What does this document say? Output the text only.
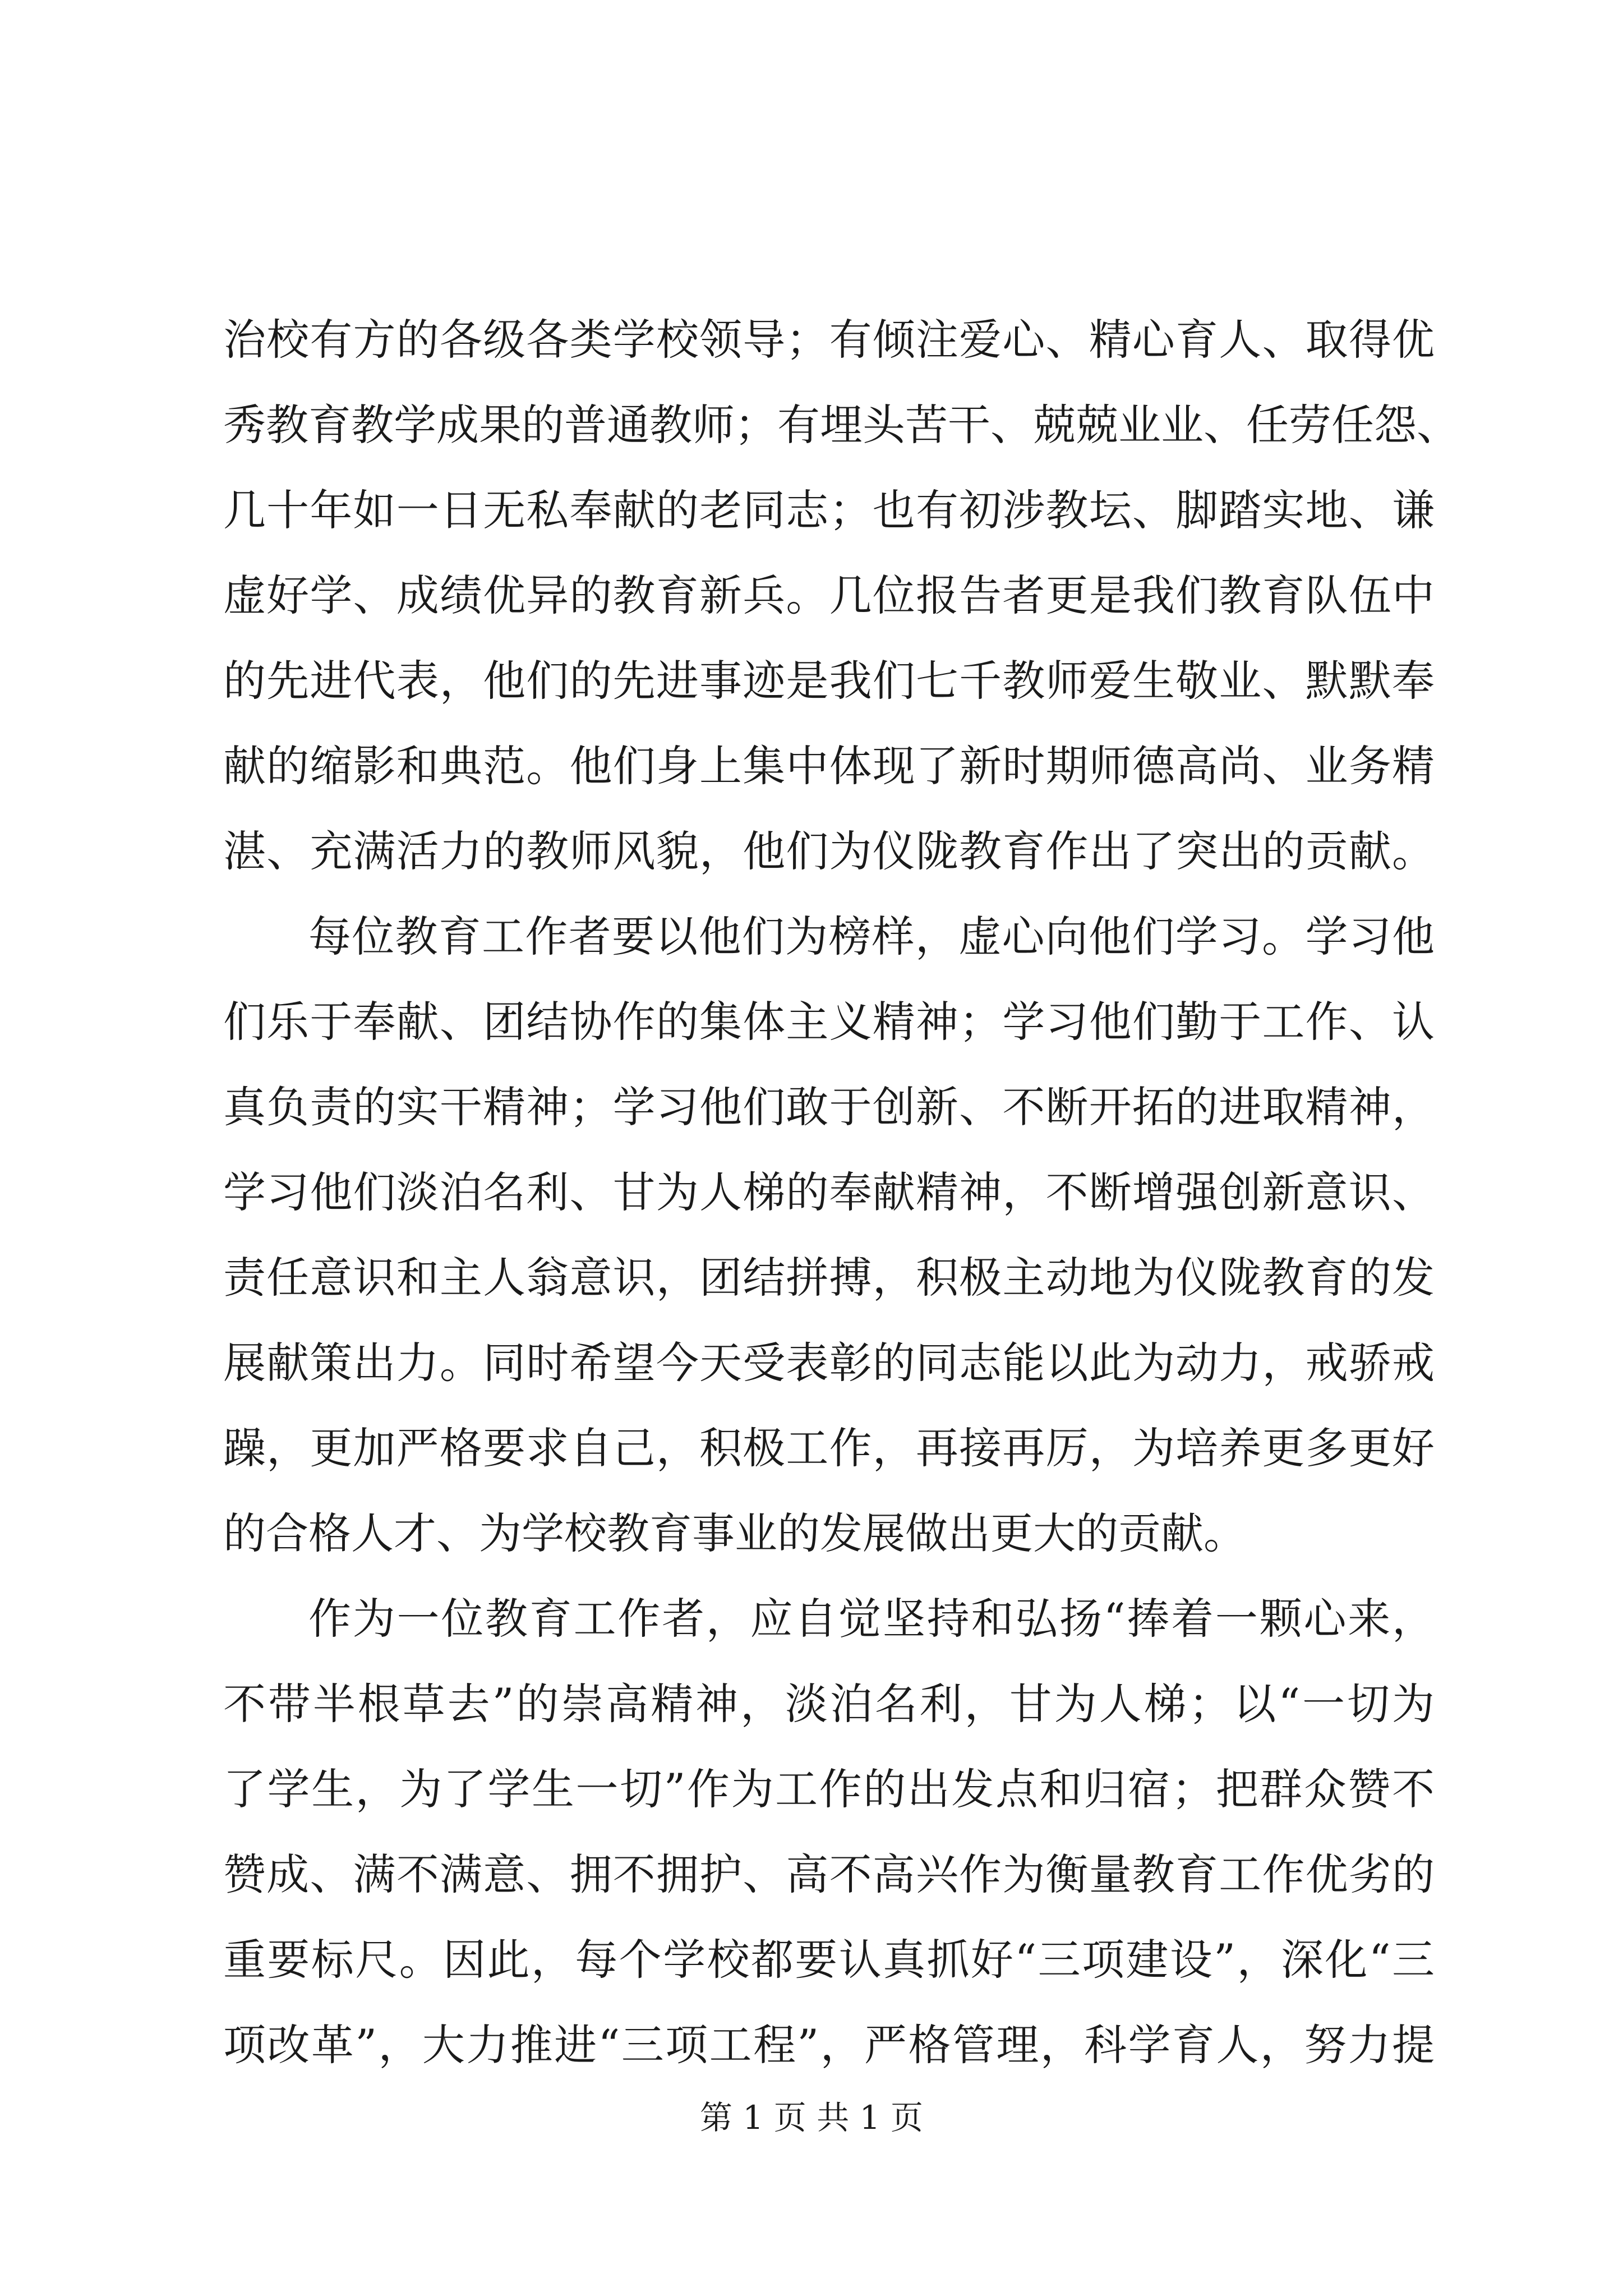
治校有方的各级各类学校领导；有倾注爱心、精心育人、取得优
秀教育教学成果的普通教师；有埋头苦干、兢兢业业、任劳任怨、
几十年如一日无私奉献的老同志；也有初涉教坛、脚踏实地、谦
虚好学、成绩优异的教育新兵。几位报告者更是我们教育队伍中
的先进代表，他们的先进事迹是我们七千教师爱生敬业、默默奉
献的缩影和典范。他们身上集中体现了新时期师德高尚、业务精
湛、充满活力的教师风貌，他们为仪陇教育作出了突出的贡献。
每位教育工作者要以他们为榜样，虚心向他们学习。学习他
们乐于奉献、团结协作的集体主义精神；学习他们勤于工作、认
真负责的实干精神；学习他们敢于创新、不断开拓的进取精神，
学习他们淡泊名利、甘为人梯的奉献精神，不断增强创新意识、
责任意识和主人翁意识，团结拼搏，积极主动地为仪陇教育的发
展献策出力。同时希望今天受表彰的同志能以此为动力，戒骄戒
躁，更加严格要求自己，积极工作，再接再厉，为培养更多更好
的合格人才、为学校教育事业的发展做出更大的贡献。
作为一位教育工作者，应自觉坚持和弘扬“捧着一颗心来，
不带半根草去”的崇高精神，淡泊名利，甘为人梯；以“一切为
了学生，为了学生一切”作为工作的出发点和归宿；把群众赞不
赞成、满不满意、拥不拥护、高不高兴作为衡量教育工作优劣的
重要标尺。因此，每个学校都要认真抓好“三项建设”，深化“三
项改革”，大力推进“三项工程”，严格管理，科学育人，努力提
第 1 页 共 1 页
